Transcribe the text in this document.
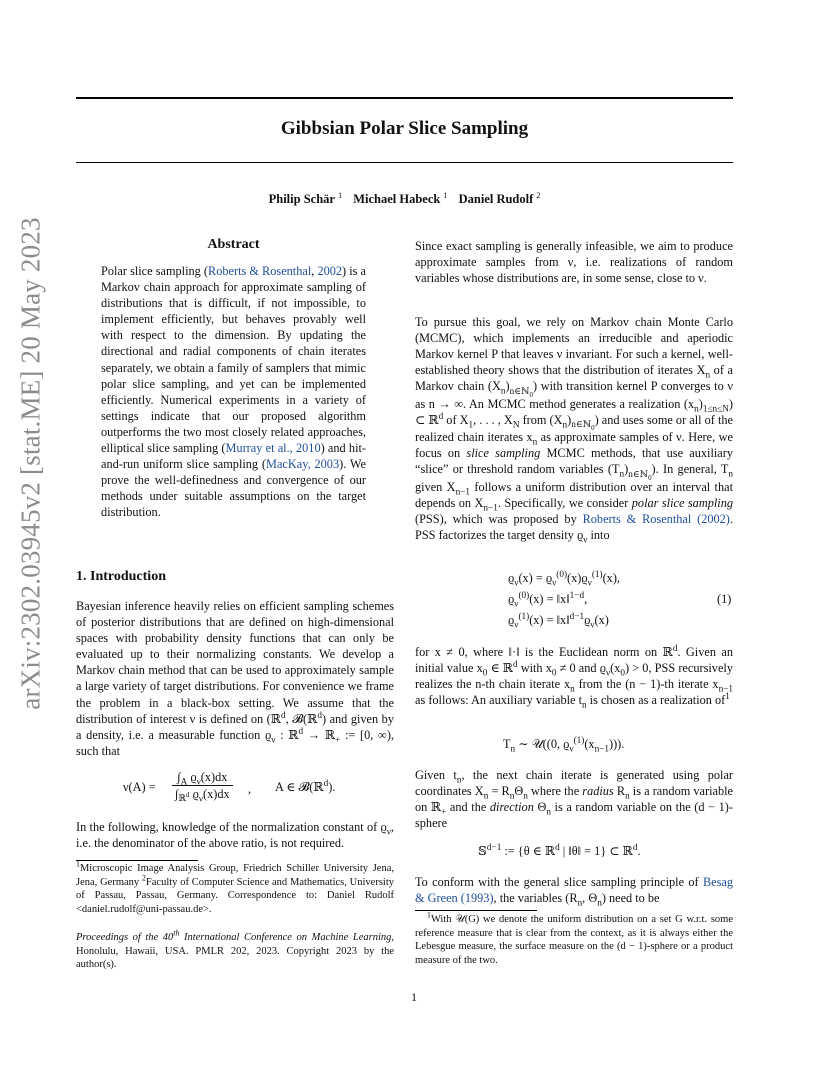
arXiv:2302.03945v2 [stat.ME] 20 May 2023
Gibbsian Polar Slice Sampling
Philip Schär $^1$ Michael Habeck $^1$ Daniel Rudolf $^2$
Abstract

Polar slice sampling (Roberts & Rosenthal, 2002) is a Markov chain approach for approximate sampling of distributions that is difficult, if not impossible, to implement efficiently, but behaves provably well with respect to the dimension. By updating the directional and radial components of chain iterates separately, we obtain a family of samplers that mimic polar slice sampling, and yet can be implemented efficiently. Numerical experiments in a variety of settings indicate that our proposed algorithm outperforms the two most closely related approaches, elliptical slice sampling (Murray et al., 2010) and hit-and-run uniform slice sampling (MacKay, 2003). We prove the well-definedness and convergence of our methods under suitable assumptions on the target distribution.

1. Introduction

Bayesian inference heavily relies on efficient sampling schemes of posterior distributions that are defined on high-dimensional spaces with probability density functions that can only be evaluated up to their normalizing constants. We develop a Markov chain method that can be used to approximately sample a large variety of target distributions. For convenience we frame the problem in a black-box setting. We assume that the distribution of interest ν is defined on (ℝ$^d$, 𝓑(ℝ$^d$) and given by a density, i.e. a measurable function $ϱ_\nu$ : ℝ$^d$ → ℝ$_+$ := [0, ∞), such that

ν(A) =
$\int_A$ $ϱ_\nu(x)dx$
$\int_{ℝ^d}$ $ϱ_\nu(x)dx$ , A ∈ 𝓑(ℝ$^d$).

In the following, knowledge of the normalization constant of $ϱ_\nu$, i.e. the denominator of the above ratio, is not required.

$^1$Microscopic Image Analysis Group, Friedrich Schiller University Jena, Jena, Germany $^2$Faculty of Computer Science and Mathematics, University of Passau, Passau, Germany. Correspondence to: Daniel Rudolf <daniel.rudolf@uni-passau.de>.
Proceedings of the 40th International Conference on Machine Learning, Honolulu, Hawaii, USA. PMLR 202, 2023. Copyright 2023 by the author(s).

Since exact sampling is generally infeasible, we aim to produce approximate samples from ν, i.e. realizations of random variables whose distributions are, in some sense, close to ν.

To pursue this goal, we rely on Markov chain Monte Carlo (MCMC), which implements an irreducible and aperiodic Markov kernel P that leaves ν invariant. For such a kernel, well-established theory shows that the distribution of iterates $X_n$ of a Markov chain $(X_n)_{n\in ℕ_0}$) with transition kernel P converges to ν as n → ∞. An MCMC method generates a realization $(x_n)_{1\le n\le N}$) ⊂ ℝ$^d$ of $X_1$, . . . , $X_N$ from $(X_n)_{n\in ℕ_0}$) and uses some or all of the realized chain iterates $x_n$ as approximate samples of ν. Here, we focus on slice sampling MCMC methods, that use auxiliary “slice” or threshold random variables $(T_n)_{n\in ℕ_0}$). In general, $T_n$ given $X_{n-1}$ follows a uniform distribution over an interval that depends on $X_{n-1}$. Specifically, we consider polar slice sampling (PSS), which was proposed by Roberts & Rosenthal (2002). PSS factorizes the target density $ϱ_\nu$ into

$ϱ_\nu(x) = ϱ_\nu^{(0)}(x)ϱ_\nu^{(1)}(x)$,
$ϱ_\nu^{(0)}(x)$ = ‖x‖$^{1-d}$,
$ϱ_\nu^{(1)}(x)$ = $‖x‖^{d-1}ϱ_\nu(x)$
(1)

for x ≠ 0, where ‖·‖ is the Euclidean norm on ℝ$^d$. Given an initial value $x_0$ ∈ ℝ$^d$ with $x_0 \ne 0$ and $ϱ_\nu(x_0) > 0$, PSS recursively realizes the n-th chain iterate $x_n$ from the (n − 1)-th iterate $x_{n-1}$ as follows: An auxiliary variable $t_n$ is chosen as a realization $of^1$

$T_n$ ∼ 𝒰((0, $ϱ_\nu^{(1)}(x_{n-1})$)).

Given $t_n$, the next chain iterate is generated using polar coordinates $X_n = R_n\Theta_n$ where the radius $R_n$ is a random variable on ℝ$_+$ and the direction $\Theta_n$ is a random variable on the (d − 1)-sphere

𝕊$^{d-1}$ := {θ ∈ ℝ$^d$ | ‖θ‖ = 1} ⊂ ℝ$^d$.

To conform with the general slice sampling principle of Besag & Green (1993), the variables ($R_n$, $\Theta_n$) need to be

$^1$With 𝒰(G) we denote the uniform distribution on a set G w.r.t. some reference measure that is clear from the context, as it is always either the Lebesgue measure, the surface measure on the (d − 1)-sphere or a product measure of the two.
1
